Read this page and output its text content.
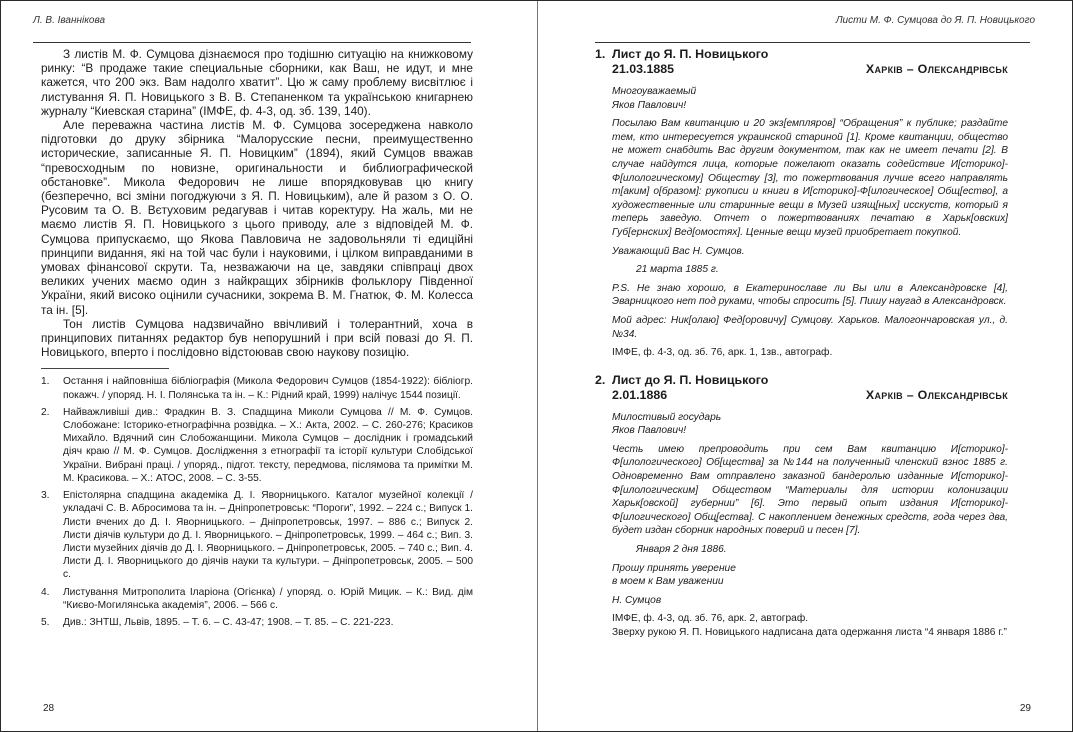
Л. В. Іваннікова

З листів М. Ф. Сумцова дізнаємося про тодішню ситуацію на книжковому ринку: “В продаже такие специальные сборники, как Ваш, не идут, и мне кажется, что 200 экз. Вам надолго хватит”. Цю ж саму проблему висвітлює і листування Я. П. Новицького з В. В. Степаненком та українською книгарнею журналу “Киевская старина” (ІМФЕ, ф. 4-3, од. зб. 139, 140).

Але переважна частина листів М. Ф. Сумцова зосереджена навколо підготовки до друку збірника “Малорусские песни, преимущественно исторические, записанные Я. П. Новицким” (1894), який Сумцов вважав “превосходным по новизне, оригинальности и библиографической обстановке”. Микола Федорович не лише впорядковував цю книгу (безперечно, всі зміни погоджуючи з Я. П. Новицьким), але й разом з О. О. Русовим та О. В. Вєтуховим редагував і читав коректуру. На жаль, ми не маємо листів Я. П. Новицького з цього приводу, але з відповідей М. Ф. Сумцова припускаємо, що Якова Павловича не задовольняли ті едиційні принципи видання, які на той час були і науковими, і цілком виправданими в умовах фінансової скрути. Та, незважаючи на це, завдяки співпраці двох великих учених маємо один з найкращих збірників фольклору Південної України, який високо оцінили сучасники, зокрема В. М. Гнатюк, Ф. М. Колесса та ін. [5].

Тон листів Сумцова надзвичайно ввічливий і толерантний, хоча в принципових питаннях редактор був непорушний і при всій повазі до Я. П. Новицького, вперто і послідовно відстоював свою наукову позицію.

1.	Остання і найповніша бібліографія (Микола Федорович Сумцов (1854-1922): бібліогр. покажч. / упоряд. Н. І. Полянська та ін. – К.: Рідний край, 1999) налічує 1544 позиції.
2.	Найважливіші див.: Фрадкин В. З. Спадщина Миколи Сумцова // М. Ф. Сумцов. Слобожане: Історико-етнографічна розвідка. – Х.: Акта, 2002. – С. 260-276; Красиков Михайло. Вдячний син Слобожанщини. Микола Сумцов – дослідник і громадський діяч краю // М. Ф. Сумцов. Дослідження з етнографії та історії культури Слобідської України. Вибрані праці. / упоряд., підгот. тексту, передмова, післямова та примітки М. М. Красикова. – Х.: АТОС, 2008. – С. 3-55.
3.	Епістолярна спадщина академіка Д. І. Яворницького. Каталог музейної колекції / укладачі С. В. Абросимова та ін. – Дніпропетровськ: “Пороги”, 1992. – 224 с.; Випуск 1. Листи вчених до Д. І. Яворницького. – Дніпропетровськ, 1997. – 886 с.; Випуск 2. Листи діячів культури до Д. І. Яворницького. – Дніпропетровськ, 1999. – 464 с.; Вип. 3. Листи музейних діячів до Д. І. Яворницького. – Дніпропетровськ, 2005. – 740 с.; Вип. 4. Листи Д. І. Яворницького до діячів науки та культури. – Дніпропетровськ, 2005. – 500 с.
4.	Листування Митрополита Іларіона (Огієнка) / упоряд. о. Юрій Мицик. – К.: Вид. дім “Києво-Могилянська академія”, 2006. – 566 с.
5.	Див.: ЗНТШ, Львів, 1895. – Т. 6. – С. 43-47; 1908. – Т. 85. – С. 221-223.
28
Листи М. Ф. Сумцова до Я. П. Новицького
1. Лист до Я. П. Новицького
21.03.1885	Харків – Олександрівськ

Многоуважаемый
Яков Павлович!

Посылаю Вам квитанцию и 20 экз[емпляров] “Обращения” к публике; раздайте тем, кто интересуется украинской стариной [1]. Кроме квитанции, общество не может снабдить Вас другим документом, так как не имеет печати [2]. В случае найдутся лица, которые пожелают оказать содействие И[сторико]-Ф[илологическому] Обществу [3], то пожертвования лучше всего направлять т[аким] о[бразом]: рукописи и книги в И[сторико]-Ф[илогическое] Общ[ество], а художественные или старинные вещи в Музей изящ[ных] исскуств, который я теперь заведую. Отчет о пожертвованиях печатаю в Харьк[овских] Губ[ернских] Вед[омостях]. Ценные вещи музей приобретает покупкой.

Уважающий Вас Н. Сумцов.

21 марта 1885 г.

P.S. Не знаю хорошо, в Екатеринославе ли Вы или в Александровске [4], Эварницкого нет под руками, чтобы спросить [5]. Пишу наугад в Александровск.

Мой адрес: Ник[олаю] Фед[оровичу] Сумцову. Харьков. Малогончаровская ул., д. №34.

ІМФЕ, ф. 4-3, од. зб. 76, арк. 1, 1зв., автограф.

2. Лист до Я. П. Новицького
2.01.1886	Харків – Олександрівськ

Милостивый государь
Яков Павлович!

Честь имею препроводить при сем Вам квитанцию И[сторико]-Ф[илологического] Об[щества] за №144 на полученный членский взнос 1885 г. Одновременно Вам отправлено заказной бандеролью изданные И[сторико]-Ф[илологическим] Обществом “Материалы для истории колонизации Харьк[овской] губернии” [6]. Это первый опыт издания И[сторико]-Ф[илогического] Общ[ества]. С накоплением денежных средств, года через два, будет издан сборник народных поверий и песен [7].

Января 2 дня 1886.

Прошу принять уверение
в моем к Вам уважении

Н. Сумцов

ІМФЕ, ф. 4-3, од. зб. 76, арк. 2, автограф.

Зверху рукою Я. П. Новицького надписана дата одержання листа “4 января 1886 г.”

29
